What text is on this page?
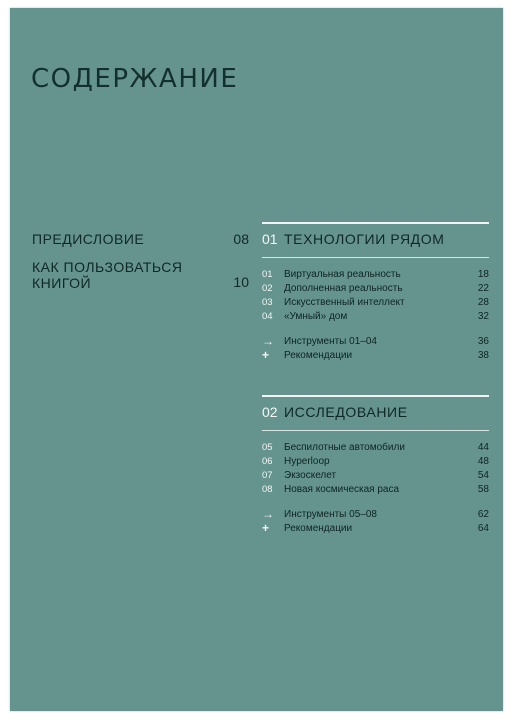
СОДЕРЖАНИЕ
ПРЕДИСЛОВИЕ	08
КАК ПОЛЬЗОВАТЬСЯ КНИГОЙ	10
01 ТЕХНОЛОГИИ РЯДОМ
01	Виртуальная реальность	18
02	Дополненная реальность	22
03	Искусственный интеллект	28
04	«Умный» дом	32
→	Инструменты 01–04	36
+	Рекомендации	38
02 ИССЛЕДОВАНИЕ
05	Беспилотные автомобили	44
06	Hyperloop	48
07	Экзоскелет	54
08	Новая космическая раса	58
→	Инструменты 05–08	62
+	Рекомендации	64
